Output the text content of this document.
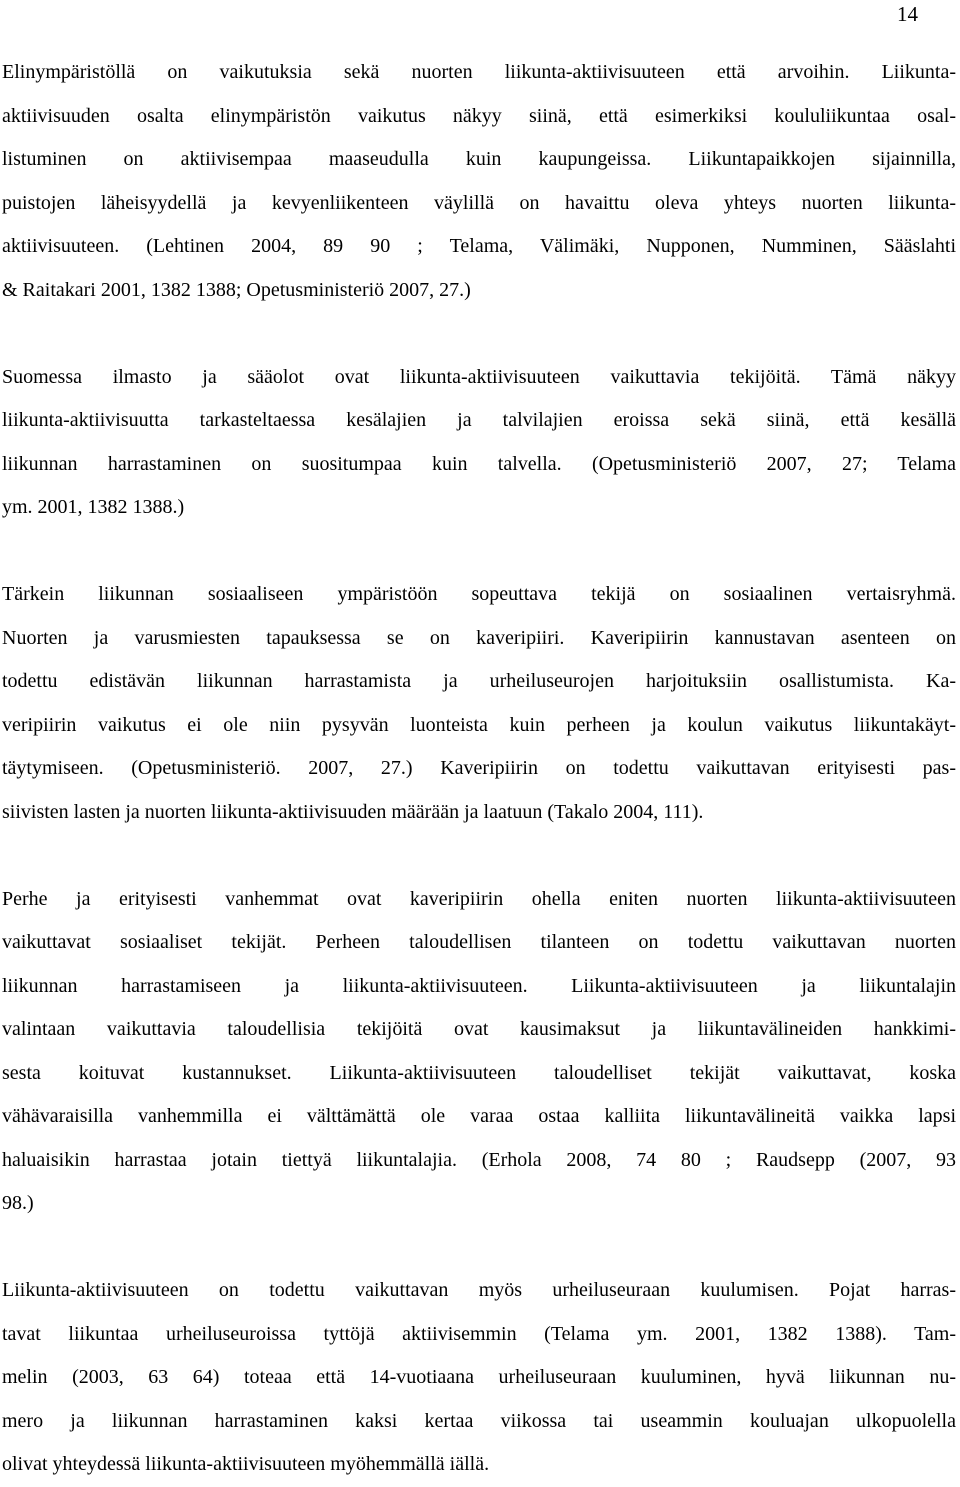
14
Elinympäristöllä on vaikutuksia sekä nuorten liikunta-aktiivisuuteen että arvoihin. Liikunta-
aktiivisuuden osalta elinympäristön vaikutus näkyy siinä, että esimerkiksi koululiikuntaa osal-
listuminen on aktiivisempaa maaseudulla kuin kaupungeissa. Liikuntapaikkojen sijainnilla,
puistojen läheisyydellä ja kevyenliikenteen väylillä on havaittu oleva yhteys nuorten liikunta-
aktiivisuuteen. (Lehtinen 2004, 89 90 ; Telama, Välimäki, Nupponen, Numminen, Sääslahti
& Raitakari 2001, 1382 1388; Opetusministeriö 2007, 27.)
Suomessa ilmasto ja sääolot ovat liikunta-aktiivisuuteen vaikuttavia tekijöitä. Tämä näkyy
liikunta-aktiivisuutta tarkasteltaessa kesälajien ja talvilajien eroissa sekä siinä, että kesällä
liikunnan harrastaminen on suositumpaa kuin talvella. (Opetusministeriö 2007, 27; Telama
ym. 2001, 1382 1388.)
Tärkein liikunnan sosiaaliseen ympäristöön sopeuttava tekijä on sosiaalinen vertaisryhmä.
Nuorten ja varusmiesten tapauksessa se on kaveripiiri. Kaveripiirin kannustavan asenteen on
todettu edistävän liikunnan harrastamista ja urheiluseurojen harjoituksiin osallistumista. Ka-
veripiirin vaikutus ei ole niin pysyvän luonteista kuin perheen ja koulun vaikutus liikuntakäyt-
täytymiseen. (Opetusministeriö. 2007, 27.) Kaveripiirin on todettu vaikuttavan erityisesti pas-
siivisten lasten ja nuorten liikunta-aktiivisuuden määrään ja laatuun (Takalo 2004, 111).
Perhe ja erityisesti vanhemmat ovat kaveripiirin ohella eniten nuorten liikunta-aktiivisuuteen
vaikuttavat sosiaaliset tekijät. Perheen taloudellisen tilanteen on todettu vaikuttavan nuorten
liikunnan harrastamiseen ja liikunta-aktiivisuuteen. Liikunta-aktiivisuuteen ja liikuntalajin
valintaan vaikuttavia taloudellisia tekijöitä ovat kausimaksut ja liikuntavälineiden hankkimi-
sesta koituvat kustannukset. Liikunta-aktiivisuuteen taloudelliset tekijät vaikuttavat, koska
vähävaraisilla vanhemmilla ei välttämättä ole varaa ostaa kalliita liikuntavälineitä vaikka lapsi
haluaisikin harrastaa jotain tiettyä liikuntalajia. (Erhola 2008, 74 80 ; Raudsepp (2007, 93
98.)
Liikunta-aktiivisuuteen on todettu vaikuttavan myös urheiluseuraan kuulumisen. Pojat harras-
tavat liikuntaa urheiluseuroissa tyttöjä aktiivisemmin (Telama ym. 2001, 1382 1388). Tam-
melin (2003, 63 64) toteaa että 14-vuotiaana urheiluseuraan kuuluminen, hyvä liikunnan nu-
mero ja liikunnan harrastaminen kaksi kertaa viikossa tai useammin kouluajan ulkopuolella
olivat yhteydessä liikunta-aktiivisuuteen myöhemmällä iällä.
